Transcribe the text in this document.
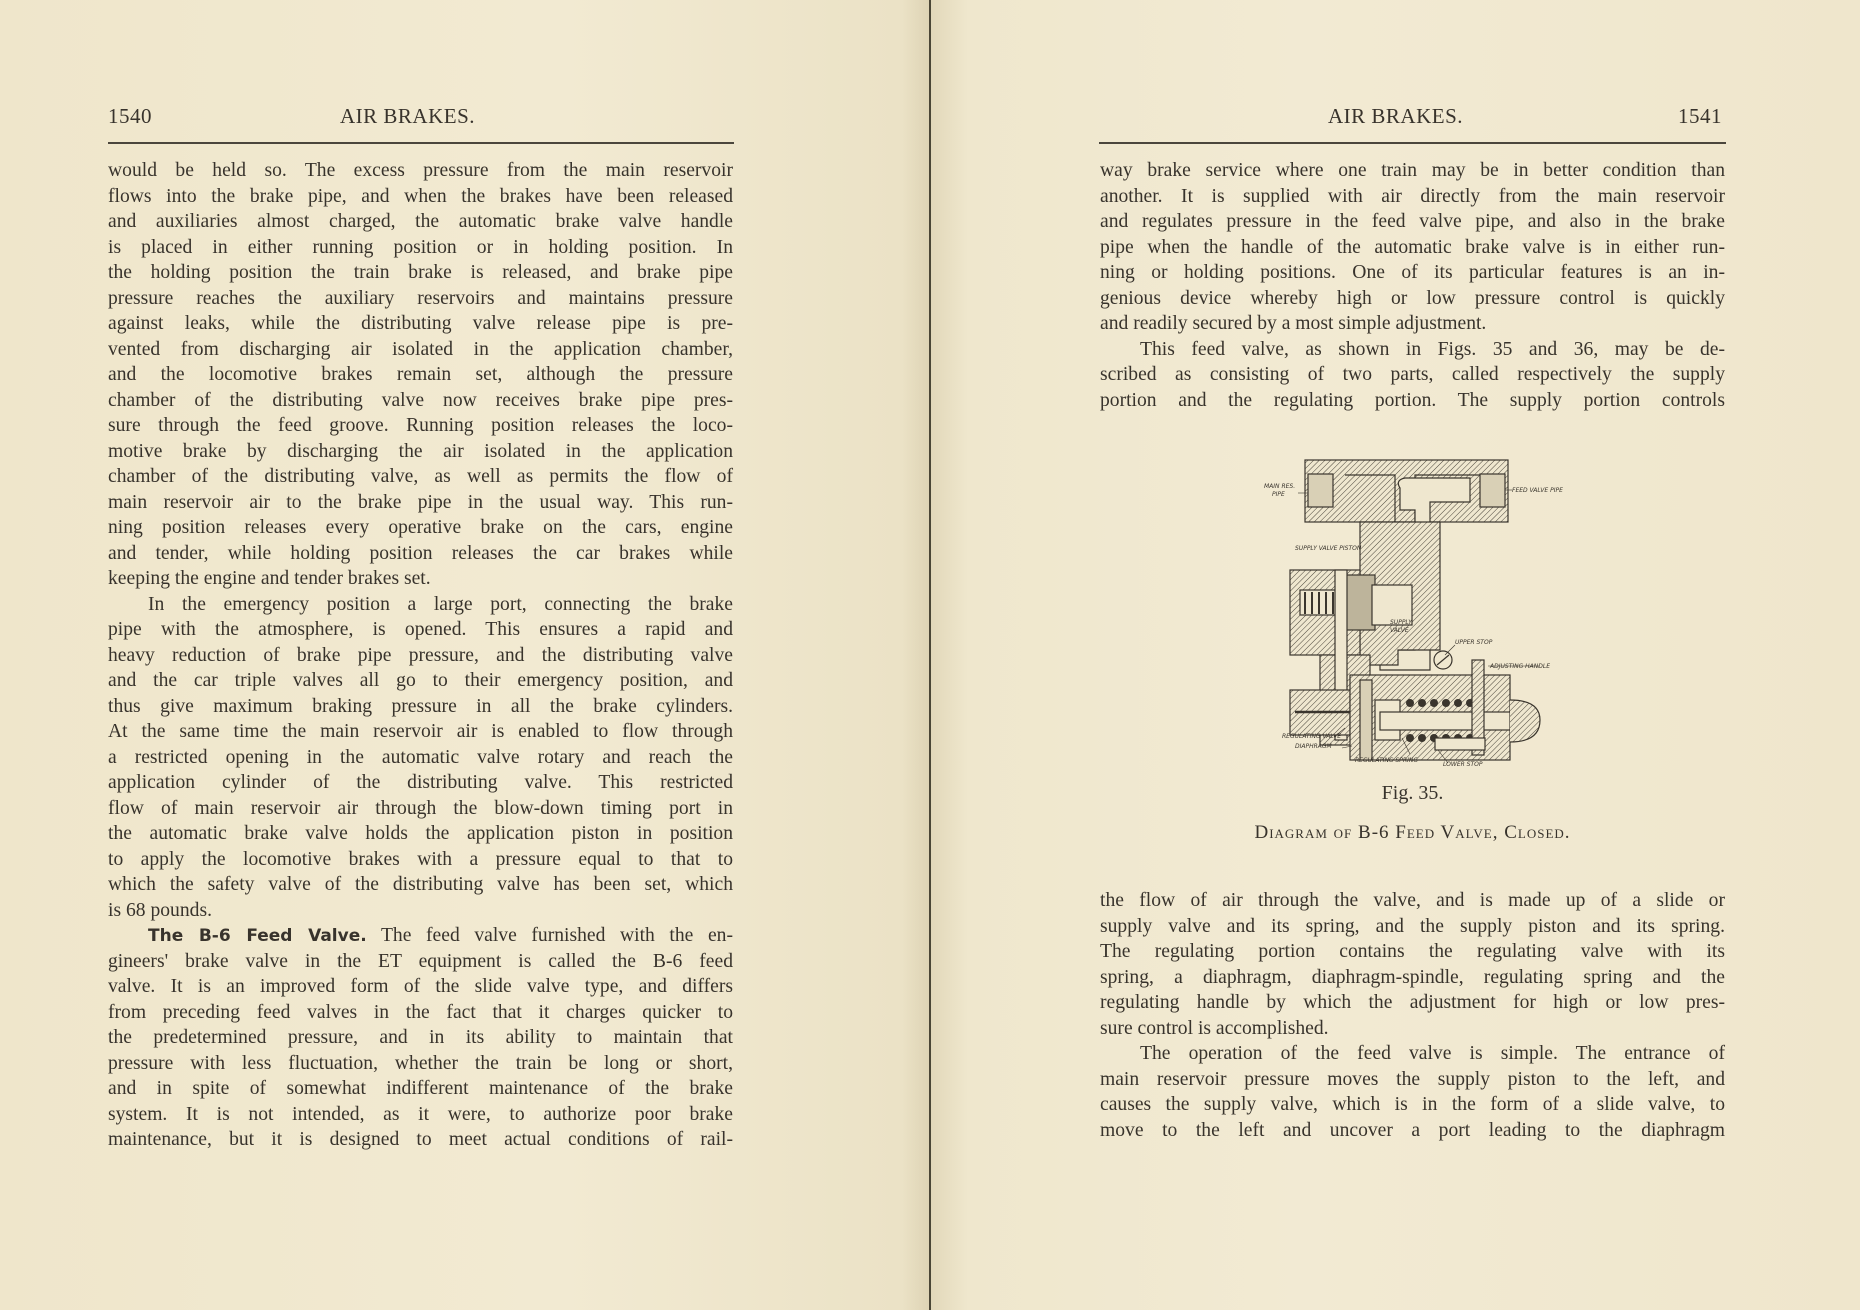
1540	AIR BRAKES.
would be held so. The excess pressure from the main reservoir
flows into the brake pipe, and when the brakes have been released
and auxiliaries almost charged, the automatic brake valve handle
is placed in either running position or in holding position. In
the holding position the train brake is released, and brake pipe
pressure reaches the auxiliary reservoirs and maintains pressure
against leaks, while the distributing valve release pipe is pre-
vented from discharging air isolated in the application chamber,
and the locomotive brakes remain set, although the pressure
chamber of the distributing valve now receives brake pipe pres-
sure through the feed groove. Running position releases the loco-
motive brake by discharging the air isolated in the application
chamber of the distributing valve, as well as permits the flow of
main reservoir air to the brake pipe in the usual way. This run-
ning position releases every operative brake on the cars, engine
and tender, while holding position releases the car brakes while
keeping the engine and tender brakes set.
In the emergency position a large port, connecting the brake
pipe with the atmosphere, is opened. This ensures a rapid and
heavy reduction of brake pipe pressure, and the distributing valve
and the car triple valves all go to their emergency position, and
thus give maximum braking pressure in all the brake cylinders.
At the same time the main reservoir air is enabled to flow through
a restricted opening in the automatic valve rotary and reach the
application cylinder of the distributing valve. This restricted
flow of main reservoir air through the blow-down timing port in
the automatic brake valve holds the application piston in position
to apply the locomotive brakes with a pressure equal to that to
which the safety valve of the distributing valve has been set, which
is 68 pounds.
The B-6 Feed Valve. The feed valve furnished with the en-
gineers' brake valve in the ET equipment is called the B-6 feed
valve. It is an improved form of the slide valve type, and differs
from preceding feed valves in the fact that it charges quicker to
the predetermined pressure, and in its ability to maintain that
pressure with less fluctuation, whether the train be long or short,
and in spite of somewhat indifferent maintenance of the brake
system. It is not intended, as it were, to authorize poor brake
maintenance, but it is designed to meet actual conditions of rail-
AIR BRAKES.	1541
way brake service where one train may be in better condition than
another. It is supplied with air directly from the main reservoir
and regulates pressure in the feed valve pipe, and also in the brake
pipe when the handle of the automatic brake valve is in either run-
ning or holding positions. One of its particular features is an in-
genious device whereby high or low pressure control is quickly
and readily secured by a most simple adjustment.
This feed valve, as shown in Figs. 35 and 36, may be de-
scribed as consisting of two parts, called respectively the supply
portion and the regulating portion. The supply portion controls
MAIN RES.
PIPE
FEED VALVE PIPE
SUPPLY VALVE PISTON
SUPPLY
VALVE
UPPER STOP
ADJUSTING HANDLE
REGULATING VALVE
DIAPHRAGM
REGULATING SPRING
LOWER STOP
Fig. 35.
Diagram of B-6 Feed Valve, Closed.
the flow of air through the valve, and is made up of a slide or
supply valve and its spring, and the supply piston and its spring.
The regulating portion contains the regulating valve with its
spring, a diaphragm, diaphragm-spindle, regulating spring and the
regulating handle by which the adjustment for high or low pres-
sure control is accomplished.
The operation of the feed valve is simple. The entrance of
main reservoir pressure moves the supply piston to the left, and
causes the supply valve, which is in the form of a slide valve, to
move to the left and uncover a port leading to the diaphragm
